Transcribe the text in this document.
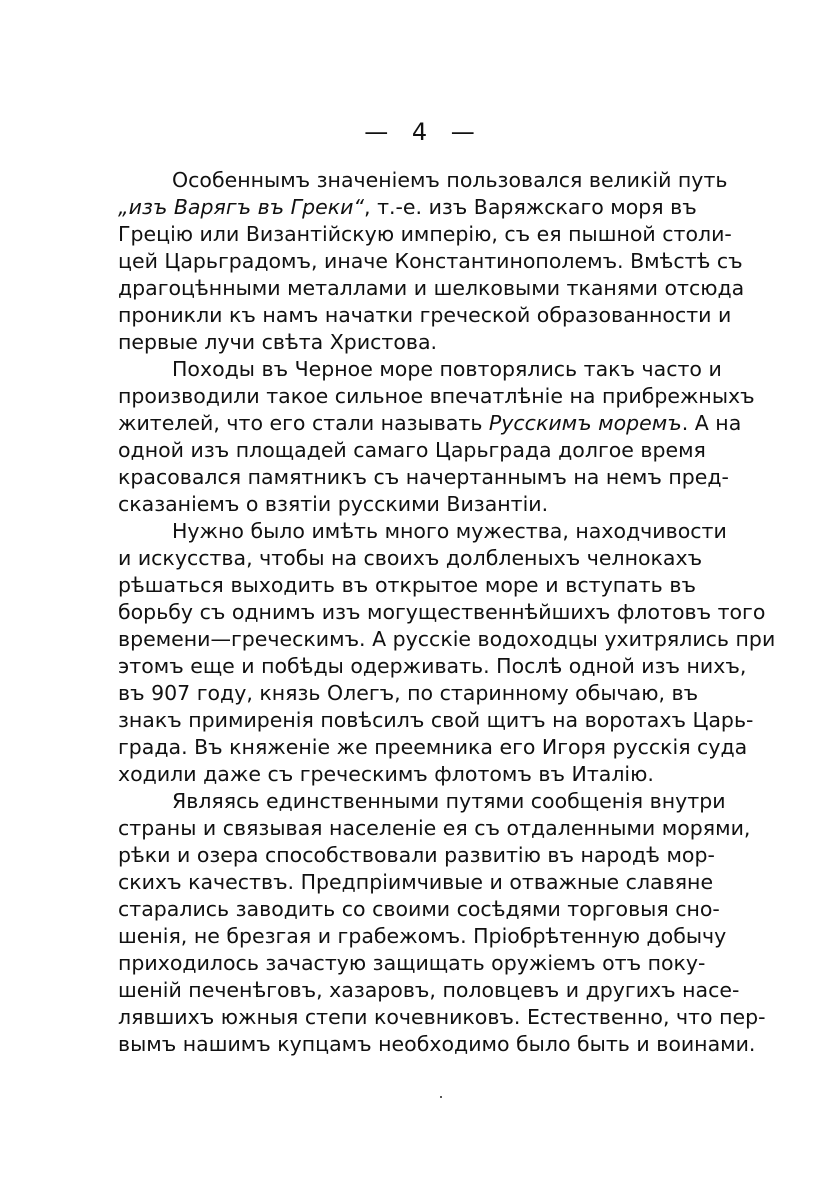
— 4 —
Особеннымъ значенiемъ пользовался великiй путь
„изъ Варягъ въ Греки“, т.-е. изъ Варяжскаго моря въ
Грецiю или Византiйскую имперiю, съ ея пышной столи-
цей Царьградомъ, иначе Константинополемъ. Вмѣстѣ съ
драгоцѣнными металлами и шелковыми тканями отсюда
проникли къ намъ начатки греческой образованности и
первые лучи свѣта Христова.
Походы въ Черное море повторялись такъ часто и
производили такое сильное впечатлѣнiе на прибрежныхъ
жителей, что его стали называть Русскимъ моремъ. А на
одной изъ площадей самаго Царьграда долгое время
красовался памятникъ съ начертаннымъ на немъ пред-
сказанiемъ о взятiи русскими Византiи.
Нужно было имѣть много мужества, находчивости
и искусства, чтобы на своихъ долбленыхъ челнокахъ
рѣшаться выходить въ открытое море и вступать въ
борьбу съ однимъ изъ могущественнѣйшихъ флотовъ того
времени—греческимъ. А русскiе водоходцы ухитрялись при
этомъ еще и побѣды одерживать. Послѣ одной изъ нихъ,
въ 907 году, князь Олегъ, по старинному обычаю, въ
знакъ примиренiя повѣсилъ свой щитъ на воротахъ Царь-
града. Въ княженiе же преемника его Игоря русскiя суда
ходили даже съ греческимъ флотомъ въ Италiю.
Являясь единственными путями сообщенiя внутри
страны и связывая населенiе ея съ отдаленными морями,
рѣки и озера способствовали развитiю въ народѣ мор-
скихъ качествъ. Предпрiимчивые и отважные славяне
старались заводить со своими сосѣдями торговыя сно-
шенiя, не брезгая и грабежомъ. Прiобрѣтенную добычу
приходилось зачастую защищать оружiемъ отъ поку-
шенiй печенѣговъ, хазаровъ, половцевъ и другихъ насе-
лявшихъ южныя степи кочевниковъ. Естественно, что пер-
вымъ нашимъ купцамъ необходимо было быть и воинами.
